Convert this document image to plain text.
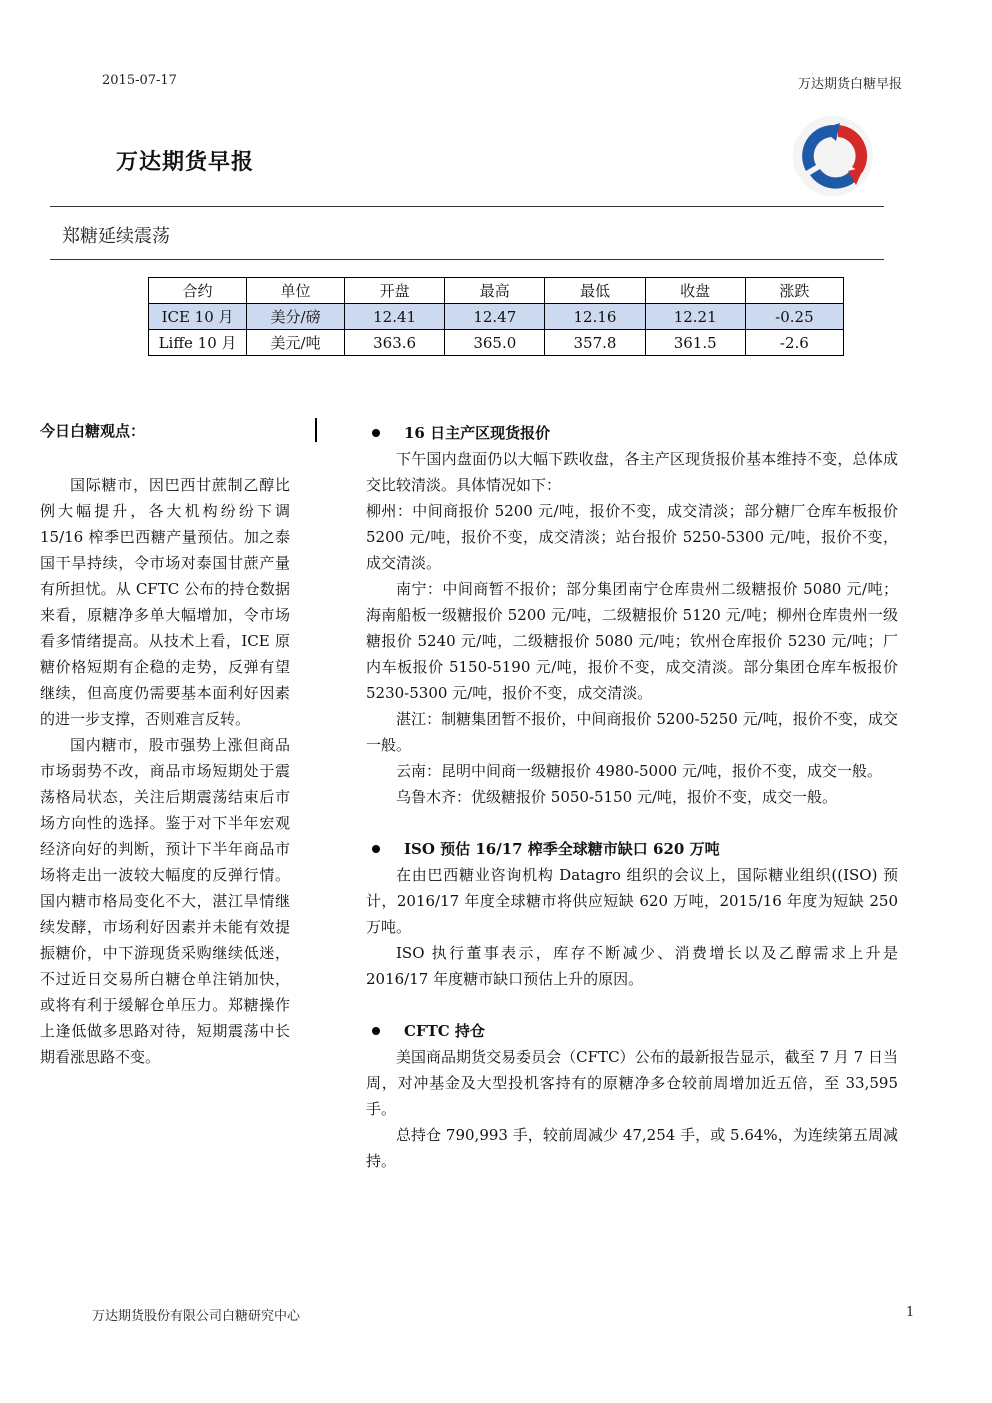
2015-07-17	万达期货白糖早报
万达期货早报
郑糖延续震荡
合约	单位	开盘	最高	最低	收盘	涨跌
ICE 10 月	美分/磅	12.41	12.47	12.16	12.21	-0.25
Liffe 10 月	美元/吨	363.6	365.0	357.8	361.5	-2.6
今日白糖观点：

国际糖市，因巴西甘蔗制乙醇比例大幅提升，各大机构纷纷下调 15/16 榨季巴西糖产量预估。加之泰国干旱持续，令市场对泰国甘蔗产量有所担忧。从 CFTC 公布的持仓数据来看，原糖净多单大幅增加，令市场看多情绪提高。从技术上看，ICE 原糖价格短期有企稳的走势，反弹有望继续，但高度仍需要基本面利好因素的进一步支撑，否则难言反转。

国内糖市，股市强势上涨但商品市场弱势不改，商品市场短期处于震荡格局状态，关注后期震荡结束后市场方向性的选择。鉴于对下半年宏观经济向好的判断，预计下半年商品市场将走出一波较大幅度的反弹行情。国内糖市格局变化不大，湛江旱情继续发酵，市场利好因素并未能有效提振糖价，中下游现货采购继续低迷，不过近日交易所白糖仓单注销加快，或将有利于缓解仓单压力。郑糖操作上逢低做多思路对待，短期震荡中长期看涨思路不变。

16 日主产区现货报价

下午国内盘面仍以大幅下跌收盘，各主产区现货报价基本维持不变，总体成交比较清淡。具体情况如下：

柳州：中间商报价 5200 元/吨，报价不变，成交清淡；部分糖厂仓库车板报价 5200 元/吨，报价不变，成交清淡；站台报价 5250-5300 元/吨，报价不变，成交清淡。

南宁：中间商暂不报价；部分集团南宁仓库贵州二级糖报价 5080 元/吨；海南船板一级糖报价 5200 元/吨，二级糖报价 5120 元/吨；柳州仓库贵州一级糖报价 5240 元/吨，二级糖报价 5080 元/吨；钦州仓库报价 5230 元/吨；厂内车板报价 5150-5190 元/吨，报价不变，成交清淡。部分集团仓库车板报价 5230-5300 元/吨，报价不变，成交清淡。

湛江：制糖集团暂不报价，中间商报价 5200-5250 元/吨，报价不变，成交一般。

云南：昆明中间商一级糖报价 4980-5000 元/吨，报价不变，成交一般。

乌鲁木齐：优级糖报价 5050-5150 元/吨，报价不变，成交一般。

ISO 预估 16/17 榨季全球糖市缺口 620 万吨

在由巴西糖业咨询机构 Datagro 组织的会议上，国际糖业组织((ISO) 预计，2016/17 年度全球糖市将供应短缺 620 万吨，2015/16 年度为短缺 250 万吨。

ISO 执行董事表示，库存不断减少、消费增长以及乙醇需求上升是 2016/17 年度糖市缺口预估上升的原因。

CFTC 持仓

美国商品期货交易委员会（CFTC）公布的最新报告显示，截至 7 月 7 日当周，对冲基金及大型投机客持有的原糖净多仓较前周增加近五倍，至 33,595 手。

总持仓 790,993 手，较前周减少 47,254 手，或 5.64%，为连续第五周减持。

万达期货股份有限公司白糖研究中心	1
